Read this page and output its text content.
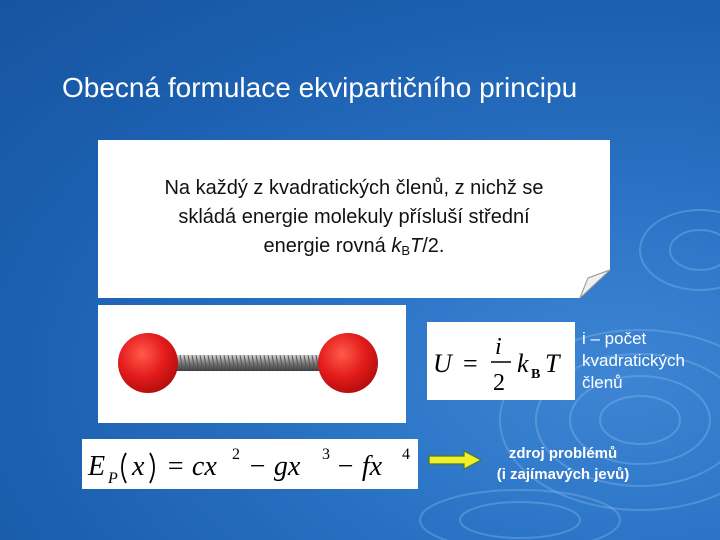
Obecná formulace ekvipartičního principu
Na každý z kvadratických členů, z nichž se
skládá energie molekuly přísluší střední
energie rovná $k_BT/2$.
U =
i
2
k B T
i – počet
kvadratických
členů
E P x = cx 2 − gx 3 − fx 4	zdroj problémů
(i zajímavých jevů)
